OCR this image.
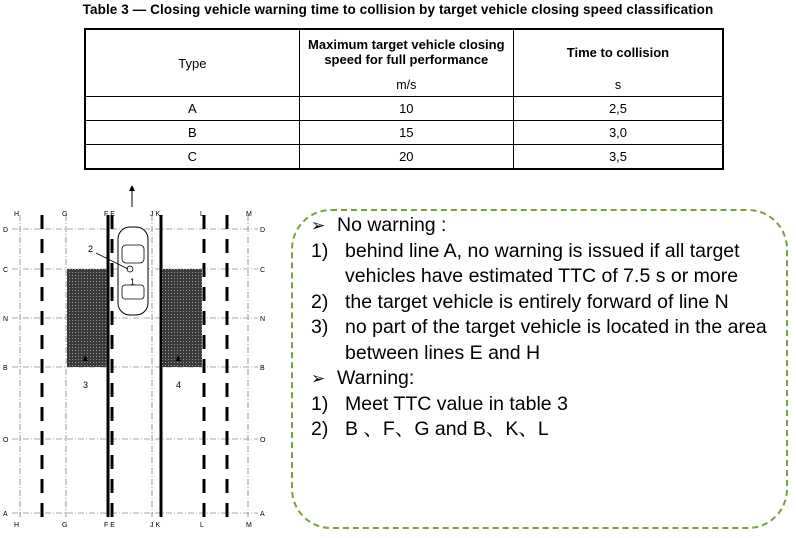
Table 3 — Closing vehicle warning time to collision by target vehicle closing speed classification
Type	Maximum target vehicle closing speed for full performance	Time to collision

	m/s	s
A	10	2,5
B	15	3,0
C	20	3,5
1
2
3	4
H	G	F E	J K	L	M
H	G	F E	J K	L	M
D
C
N
B
O
A
D
C
N
B
O
A
➢ No warning :
1) behind line A, no warning is issued if all target vehicles have estimated TTC of 7.5 s or more
2) the target vehicle is entirely forward of line N
3) no part of the target vehicle is located in the area between lines E and H
➢ Warning:
1) Meet TTC value in table 3
2) B 、F、G and B、K、L
